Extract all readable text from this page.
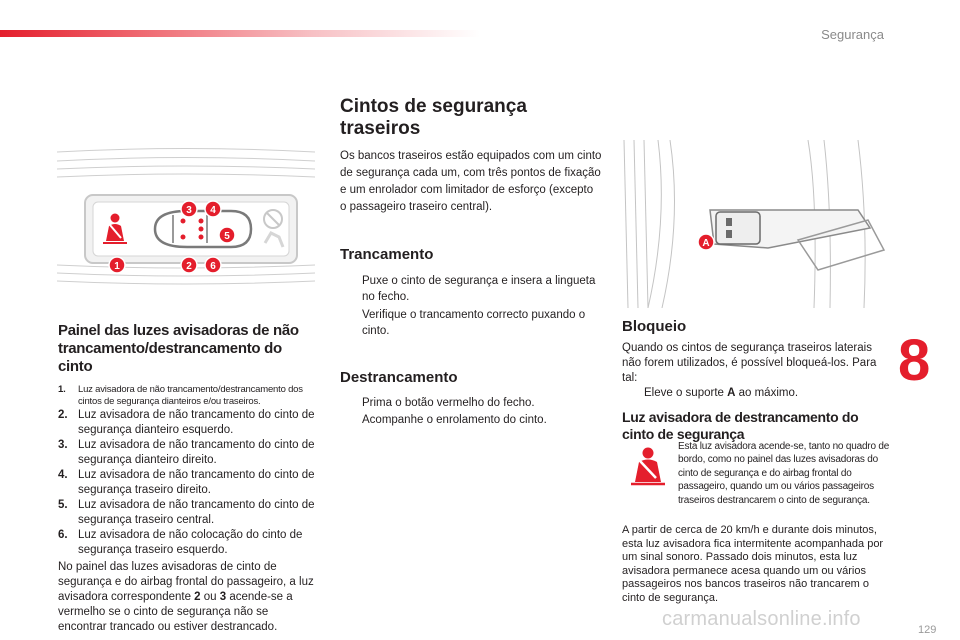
Segurança
8
129
carmanualsonline.info
1	2
3 4
5
6
A
Painel das luzes avisadoras de não trancamento/destrancamento do cinto
1. Luz avisadora de não trancamento/destrancamento dos cintos de segurança dianteiros e/ou traseiros.
2. Luz avisadora de não trancamento do cinto de segurança dianteiro esquerdo.
3. Luz avisadora de não trancamento do cinto de segurança dianteiro direito.
4. Luz avisadora de não trancamento do cinto de segurança traseiro direito.
5. Luz avisadora de não trancamento do cinto de segurança traseiro central.
6. Luz avisadora de não colocação do cinto de segurança traseiro esquerdo.

No painel das luzes avisadoras de cinto de segurança e do airbag frontal do passageiro, a luz avisadora correspondente 2 ou 3 acende-se a vermelho se o cinto de segurança não se encontrar trancado ou estiver destrancado.

Cintos de segurança
traseiros

Os bancos traseiros estão equipados com um cinto de segurança cada um, com três pontos de fixação e um enrolador com limitador de esforço (excepto o passageiro traseiro central).

Trancamento
Puxe o cinto de segurança e insera a lingueta no fecho.
Verifique o trancamento correcto puxando o cinto.
Destrancamento
Prima o botão vermelho do fecho.
Acompanhe o enrolamento do cinto.
Bloqueio

Quando os cintos de segurança traseiros laterais não forem utilizados, é possível bloqueá-los. Para tal:

Eleve o suporte A ao máximo.
Luz avisadora de destrancamento do cinto de segurança

Esta luz avisadora acende-se, tanto no quadro de bordo, como no painel das luzes avisadoras do cinto de segurança e do airbag frontal do passageiro, quando um ou vários passageiros traseiros destrancarem o cinto de segurança.

A partir de cerca de 20 km/h e durante dois minutos, esta luz avisadora fica intermitente acompanhada por um sinal sonoro. Passado dois minutos, esta luz avisadora permanece acesa quando um ou vários passageiros nos bancos traseiros não trancarem o cinto de segurança.
